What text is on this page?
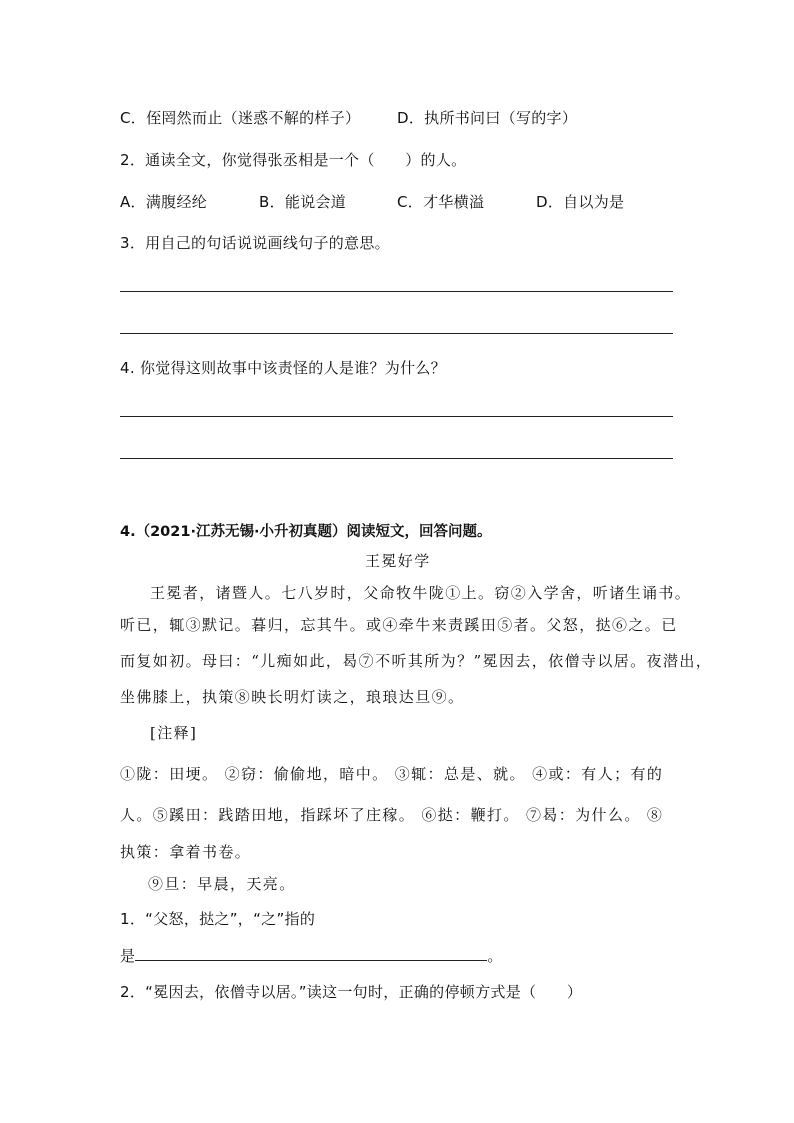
C．侄罔然而止（迷惑不解的样子） D．执所书问曰（写的字）
2．通读全文，你觉得张丞相是一个（　　）的人。
A．满腹经纶	B．能说会道	C．才华横溢	D．自以为是
3．用自己的句话说说画线句子的意思。
4. 你觉得这则故事中该责怪的人是谁？为什么？
4.（2021·江苏无锡·小升初真题）阅读短文，回答问题。
王冕好学
王冕者，诸暨人。七八岁时，父命牧牛陇①上。窃②入学舍，听诸生诵书。
听已，辄③默记。暮归，忘其牛。或④牵牛来责蹊田⑤者。父怒，挞⑥之。已
而复如初。母曰：“儿痴如此，曷⑦不听其所为？”冕因去，依僧寺以居。夜潜出，
坐佛膝上，执策⑧映长明灯读之，琅琅达旦⑨。
[注释]
①陇：田埂。 ②窃：偷偷地，暗中。 ③辄：总是、就。 ④或：有人；有的
人。⑤蹊田：践踏田地，指踩坏了庄稼。 ⑥挞：鞭打。 ⑦曷：为什么。 ⑧
执策：拿着书卷。
⑨旦：早晨，天亮。
1．“父怒，挞之”，“之”指的
是	。
2．“冕因去，依僧寺以居。”读这一句时，正确的停顿方式是（　　）
